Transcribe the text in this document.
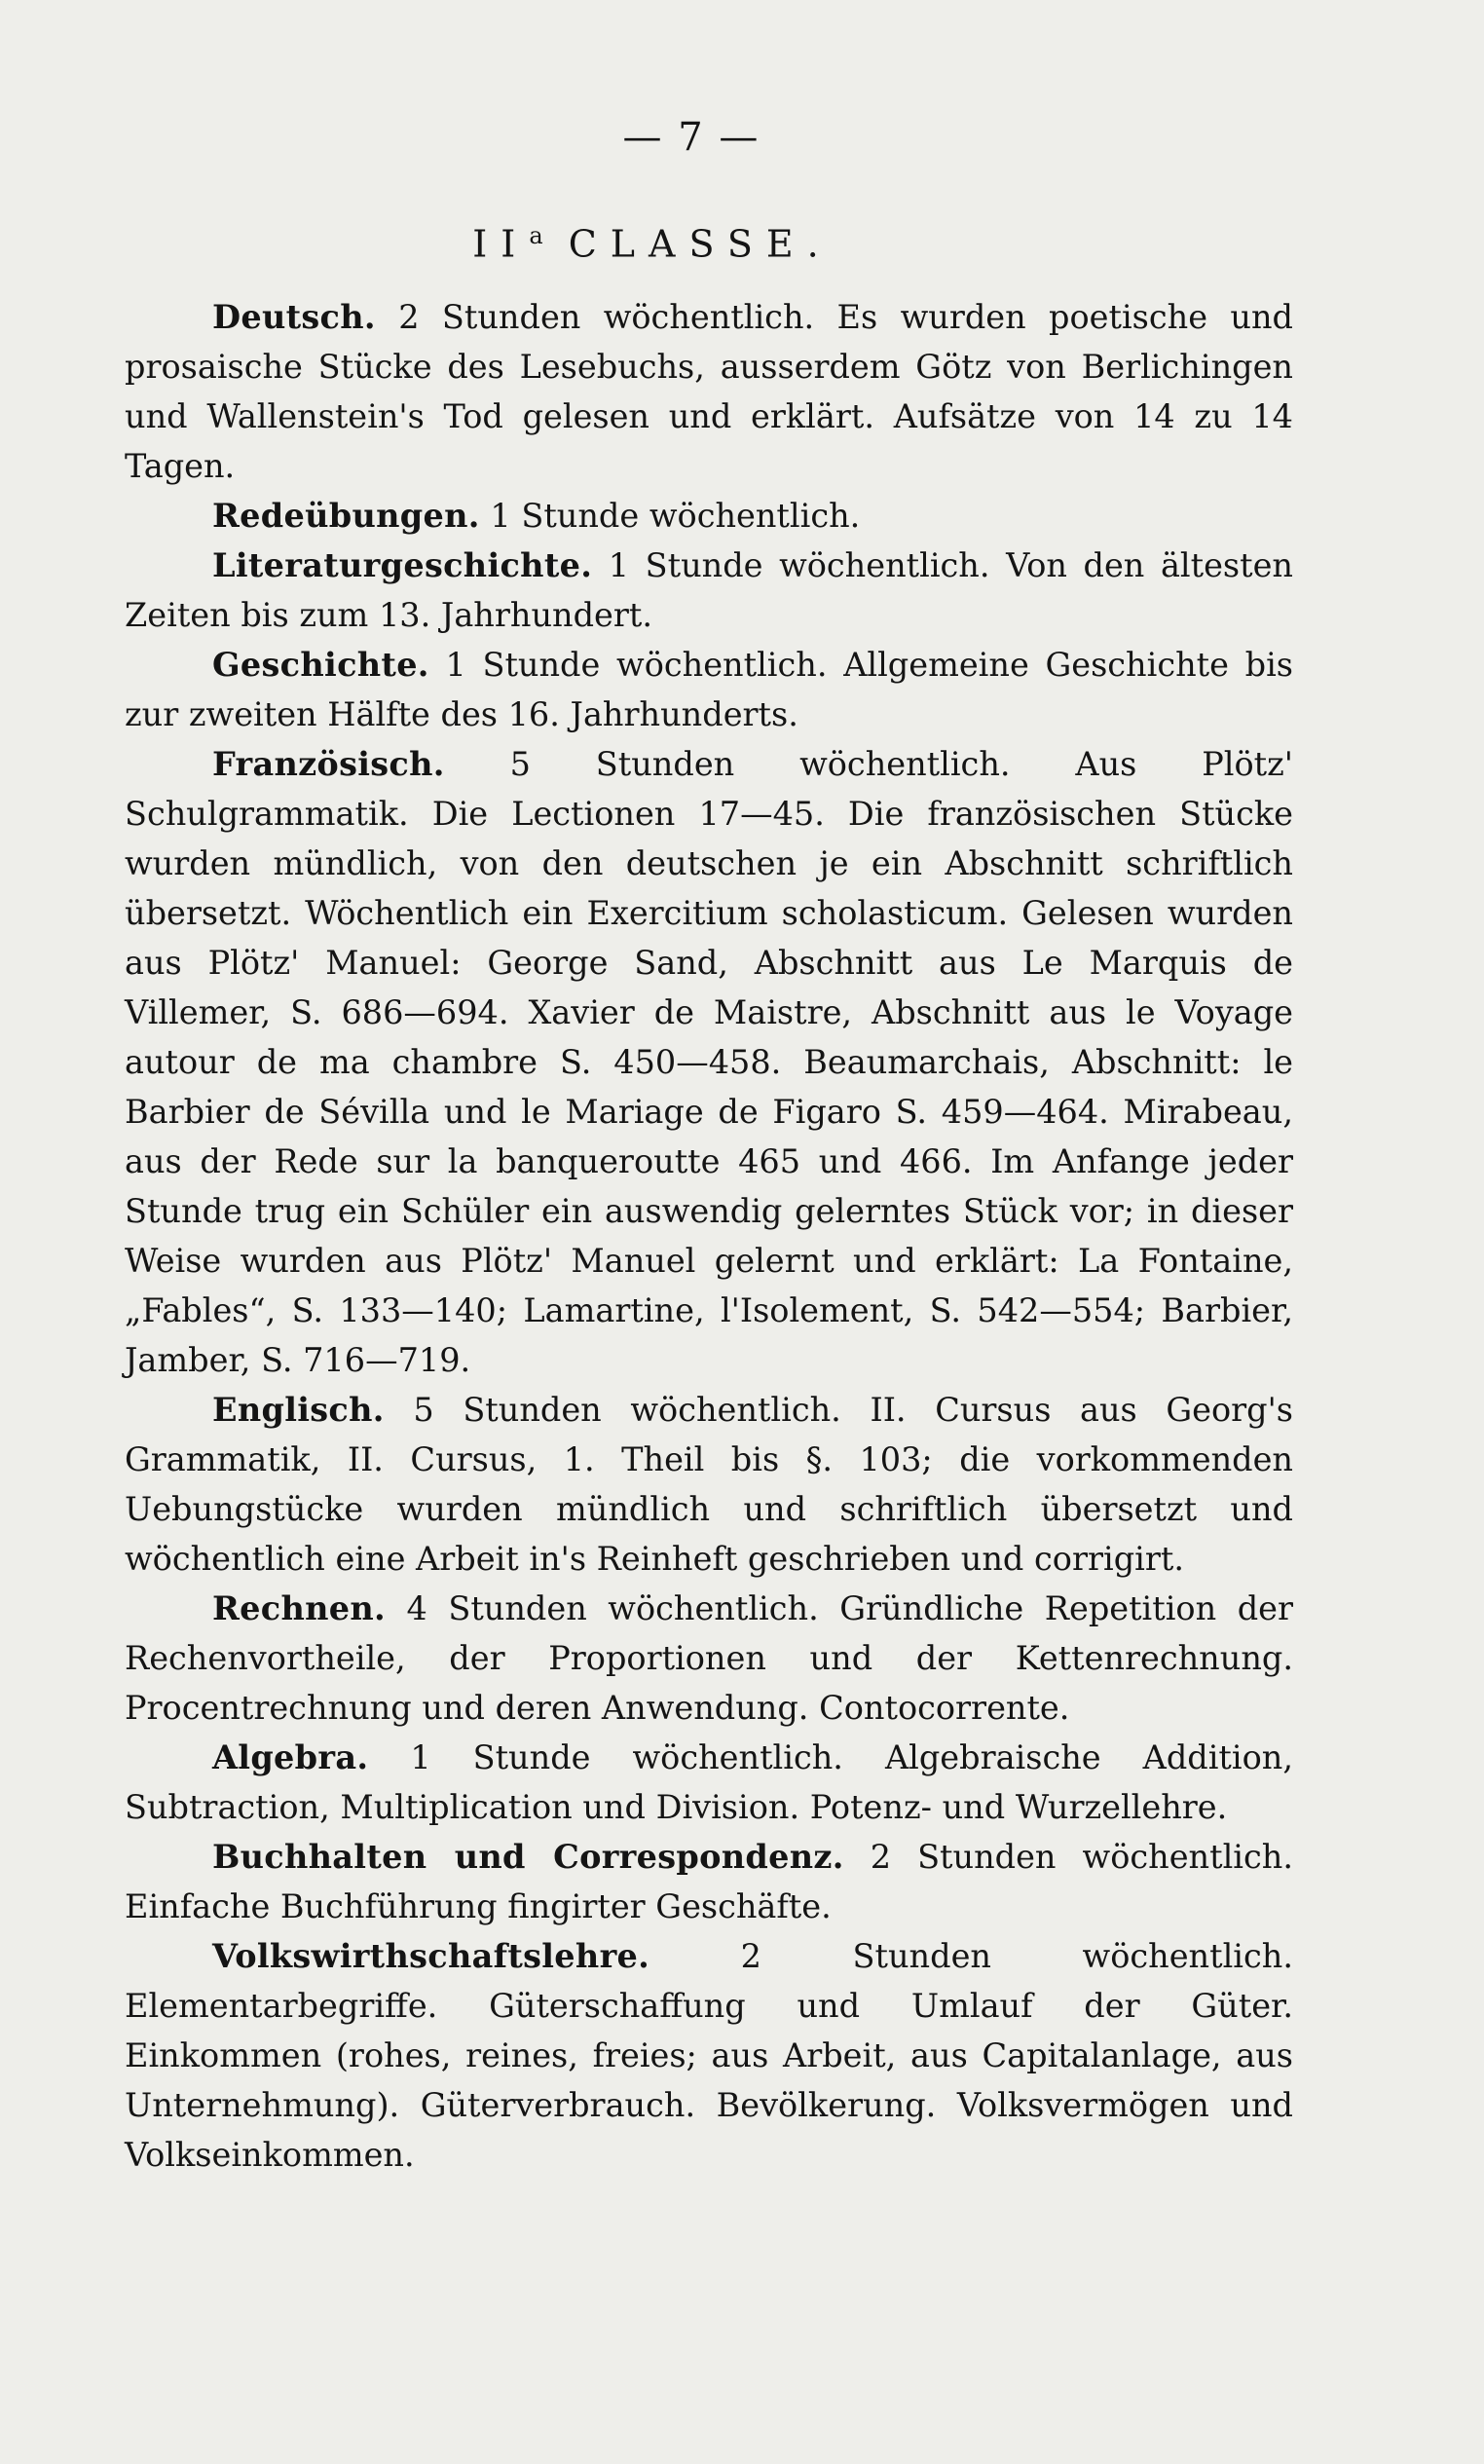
— 7 —
$II^a$ CLASSE.

Deutsch. 2 Stunden wöchentlich. Es wurden poetische und prosaische Stücke des Lesebuchs, ausserdem Götz von Berlichingen und Wallenstein's Tod gelesen und erklärt. Aufsätze von 14 zu 14 Tagen.

Redeübungen. 1 Stunde wöchentlich.

Literaturgeschichte. 1 Stunde wöchentlich. Von den ältesten Zeiten bis zum 13. Jahrhundert.

Geschichte. 1 Stunde wöchentlich. Allgemeine Geschichte bis zur zweiten Hälfte des 16. Jahrhunderts.

Französisch. 5 Stunden wöchentlich. Aus Plötz' Schulgrammatik. Die Lectionen 17—45. Die französischen Stücke wurden mündlich, von den deutschen je ein Abschnitt schriftlich übersetzt. Wöchentlich ein Exercitium scholasticum. Gelesen wurden aus Plötz' Manuel: George Sand, Abschnitt aus Le Marquis de Villemer, S. 686—694. Xavier de Maistre, Abschnitt aus le Voyage autour de ma chambre S. 450—458. Beaumarchais, Abschnitt: le Barbier de Sévilla und le Mariage de Figaro S. 459—464. Mirabeau, aus der Rede sur la banqueroutte 465 und 466. Im Anfange jeder Stunde trug ein Schüler ein auswendig gelerntes Stück vor; in dieser Weise wurden aus Plötz' Manuel gelernt und erklärt: La Fontaine, „Fables“, S. 133—140; Lamartine, l'Isolement, S. 542—554; Barbier, Jamber, S. 716—719.

Englisch. 5 Stunden wöchentlich. II. Cursus aus Georg's Grammatik, II. Cursus, 1. Theil bis §. 103; die vorkommenden Uebungstücke wurden mündlich und schriftlich übersetzt und wöchentlich eine Arbeit in's Reinheft geschrieben und corrigirt.

Rechnen. 4 Stunden wöchentlich. Gründliche Repetition der Rechenvortheile, der Proportionen und der Kettenrechnung. Procentrechnung und deren Anwendung. Contocorrente.

Algebra. 1 Stunde wöchentlich. Algebraische Addition, Subtraction, Multiplication und Division. Potenz- und Wurzellehre.

Buchhalten und Correspondenz. 2 Stunden wöchentlich. Einfache Buchführung fingirter Geschäfte.

Volkswirthschaftslehre.	2 Stunden wöchentlich. Elementarbegriffe. Güterschaffung und Umlauf der Güter. Einkommen (rohes, reines, freies; aus Arbeit, aus Capitalanlage, aus Unternehmung). Güterverbrauch. Bevölkerung. Volksvermögen und Volkseinkommen.
